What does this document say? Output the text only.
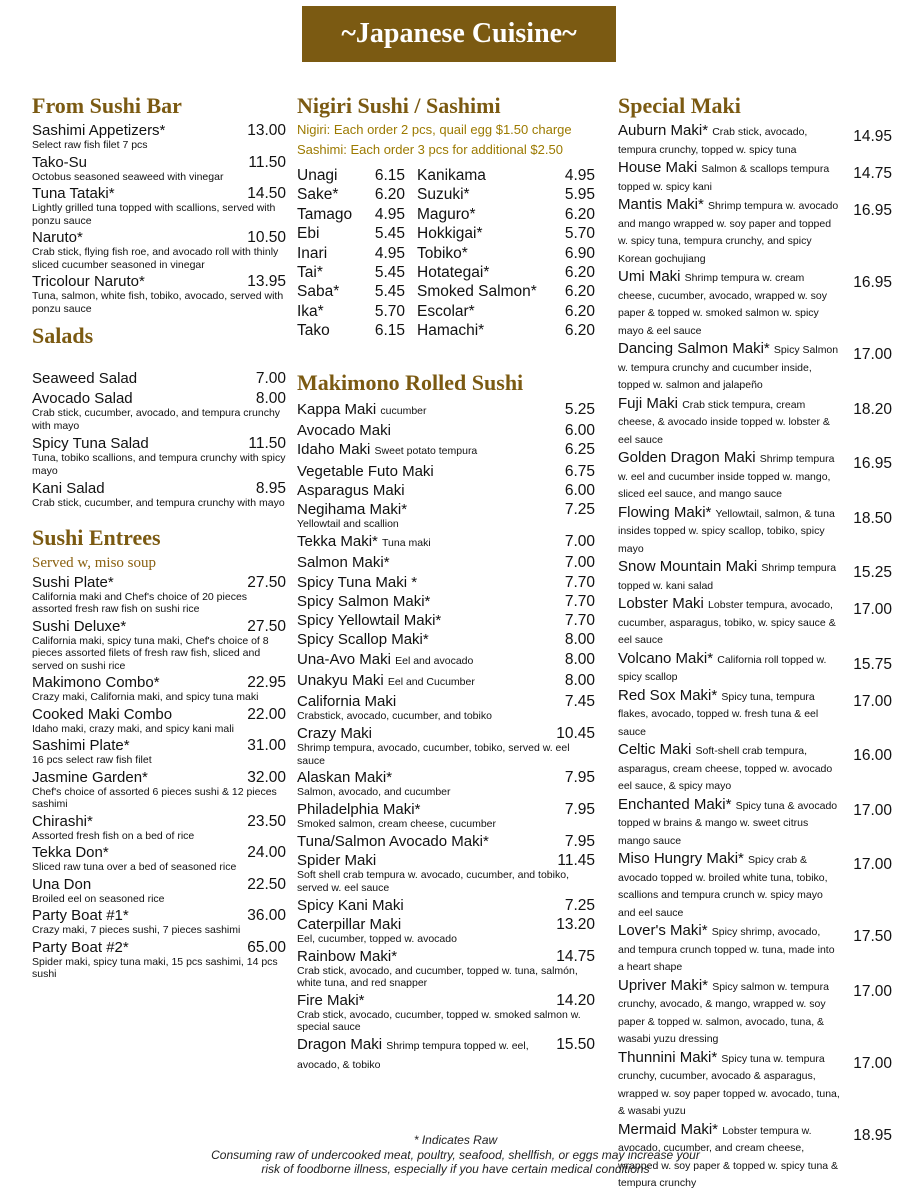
~Japanese Cuisine~
From Sushi Bar
Sashimi Appetizers*	13.00
Select raw fish filet 7 pcs
Tako-Su	11.50
Octobus seasoned seaweed with vinegar
Tuna Tataki*	14.50
Lightly grilled tuna topped with scallions, served with ponzu sauce
Naruto*	10.50
Crab stick, flying fish roe, and avocado roll with thinly sliced cucumber seasoned in vinegar
Tricolour Naruto*	13.95
Tuna, salmon, white fish, tobiko, avocado, served with ponzu sauce
Salads
Seaweed Salad	7.00
Avocado Salad	8.00
Crab stick, cucumber, avocado, and tempura crunchy with mayo
Spicy Tuna Salad	11.50
Tuna, tobiko scallions, and tempura crunchy with spicy mayo
Kani Salad	8.95
Crab stick, cucumber, and tempura crunchy with mayo
Sushi Entrees
Served w, miso soup
Sushi Plate*	27.50
California maki and Chef's choice of 20 pieces assorted fresh raw fish on sushi rice
Sushi Deluxe*	27.50
California maki, spicy tuna maki, Chef's choice of 8 pieces assorted filets of fresh raw fish, sliced and served on sushi rice
Makimono Combo*	22.95
Crazy maki, California maki, and spicy tuna maki
Cooked Maki Combo	22.00
Idaho maki, crazy maki, and spicy kani mali
Sashimi Plate*	31.00
16 pcs select raw fish filet
Jasmine Garden*	32.00
Chef's choice of assorted 6 pieces sushi & 12 pieces sashimi
Chirashi*	23.50
Assorted fresh fish on a bed of rice
Tekka Don*	24.00
Sliced raw tuna over a bed of seasoned rice
Una Don	22.50
Broiled eel on seasoned rice
Party Boat #1*	36.00
Crazy maki, 7 pieces sushi, 7 pieces sashimi
Party Boat #2*	65.00
Spider maki, spicy tuna maki, 15 pcs sashimi, 14 pcs sushi
Nigiri Sushi / Sashimi

Nigiri: Each order 2 pcs, quail egg $1.50 charge

Sashimi: Each order 3 pcs for additional $2.50

Unagi 6.15
Sake* 6.20
Tamago 4.95
Ebi	5.45
Inari	4.95
Tai*	5.45
Saba* 5.45
Ika*	5.70
Tako	6.15
Kanikama	4.95
Suzuki*	5.95
Maguro*	6.20
Hokkigai*	5.70
Tobiko*	6.90
Hotategai*	6.20
Smoked Salmon* 6.20
Escolar*	6.20
Hamachi*	6.20
Makimono Rolled Sushi
Kappa Maki cucumber	5.25
Avocado Maki	6.00
Idaho Maki Sweet potato tempura	6.25
Vegetable Futo Maki	6.75
Asparagus Maki	6.00
Negihama Maki*	7.25
Yellowtail and scallion
Tekka Maki* Tuna maki	7.00
Salmon Maki*	7.00
Spicy Tuna Maki *	7.70
Spicy Salmon Maki*	7.70
Spicy Yellowtail Maki*	7.70
Spicy Scallop Maki*	8.00
Una-Avo Maki Eel and avocado	8.00
Unakyu Maki Eel and Cucumber	8.00
California Maki	7.45
Crabstick, avocado, cucumber, and tobiko
Crazy Maki	10.45
Shrimp tempura, avocado, cucumber, tobiko, served w. eel sauce
Alaskan Maki*	7.95
Salmon, avocado, and cucumber
Philadelphia Maki*	7.95
Smoked salmon, cream cheese, cucumber
Tuna/Salmon Avocado Maki*	7.95
Spider Maki	11.45
Soft shell crab tempura w. avocado, cucumber, and tobiko, served w. eel sauce
Spicy Kani Maki	7.25
Caterpillar Maki	13.20
Eel, cucumber, topped w. avocado
Rainbow Maki*	14.75
Crab stick, avocado, and cucumber, topped w. tuna, salmón, white tuna, and red snapper
Fire Maki*	14.20
Crab stick, avocado, cucumber, topped w. smoked salmon w. special sauce
Dragon Maki Shrimp tempura topped w. eel, avocado, & tobiko
15.50
Special Maki
Auburn Maki* Crab stick, avocado, tempura crunchy, topped w. spicy tuna
14.95
House Maki Salmon & scallops tempura topped w. spicy kani
14.75
Mantis Maki* Shrimp tempura w. avocado and mango wrapped w. soy paper and topped w. spicy tuna, tempura crunchy, and spicy Korean gochujiang
16.95
Umi Maki Shrimp tempura w. cream cheese, cucumber, avocado, wrapped w. soy paper & topped w. smoked salmon w. spicy mayo & eel sauce
16.95
Dancing Salmon Maki* Spicy Salmon w. tempura crunchy and cucumber inside, topped w. salmon and jalapeño
17.00
Fuji Maki Crab stick tempura, cream cheese, & avocado inside topped w. lobster & eel sauce
18.20
Golden Dragon Maki Shrimp tempura w. eel and cucumber inside topped w. mango, sliced eel sauce, and mango sauce
16.95
Flowing Maki* Yellowtail, salmon, & tuna insides topped w. spicy scallop, tobiko, spicy mayo
18.50
Snow Mountain Maki Shrimp tempura topped w. kani salad
15.25
Lobster Maki Lobster tempura, avocado, cucumber, asparagus, tobiko, w. spicy sauce & eel sauce
17.00
Volcano Maki* California roll topped w. spicy scallop
15.75
Red Sox Maki* Spicy tuna, tempura flakes, avocado, topped w. fresh tuna & eel sauce
17.00
Celtic Maki Soft-shell crab tempura, asparagus, cream cheese, topped w. avocado eel sauce, & spicy mayo
16.00
Enchanted Maki* Spicy tuna & avocado topped w brains & mango w. sweet citrus mango sauce
17.00
Miso Hungry Maki* Spicy crab & avocado topped w. broiled white tuna, tobiko, scallions and tempura crunch w. spicy mayo and eel sauce
17.00
Lover's Maki* Spicy shrimp, avocado, and tempura crunch topped w. tuna, made into a heart shape
17.50
Upriver Maki* Spicy salmon w. tempura crunchy, avocado, & mango, wrapped w. soy paper & topped w. salmon, avocado, tuna, & wasabi yuzu dressing
17.00
Thunnini Maki* Spicy tuna w. tempura crunchy, cucumber, avocado & asparagus, wrapped w. soy paper topped w. avocado, tuna, & wasabi yuzu
17.00
Mermaid Maki* Lobster tempura w. avocado, cucumber, and cream cheese, wrapped w. soy paper & topped w. spicy tuna & tempura crunchy
18.95
* Indicates Raw
Consuming raw of undercooked meat, poultry, seafood, shellfish, or eggs may increase your
risk of foodborne illness, especially if you have certain medical conditions
